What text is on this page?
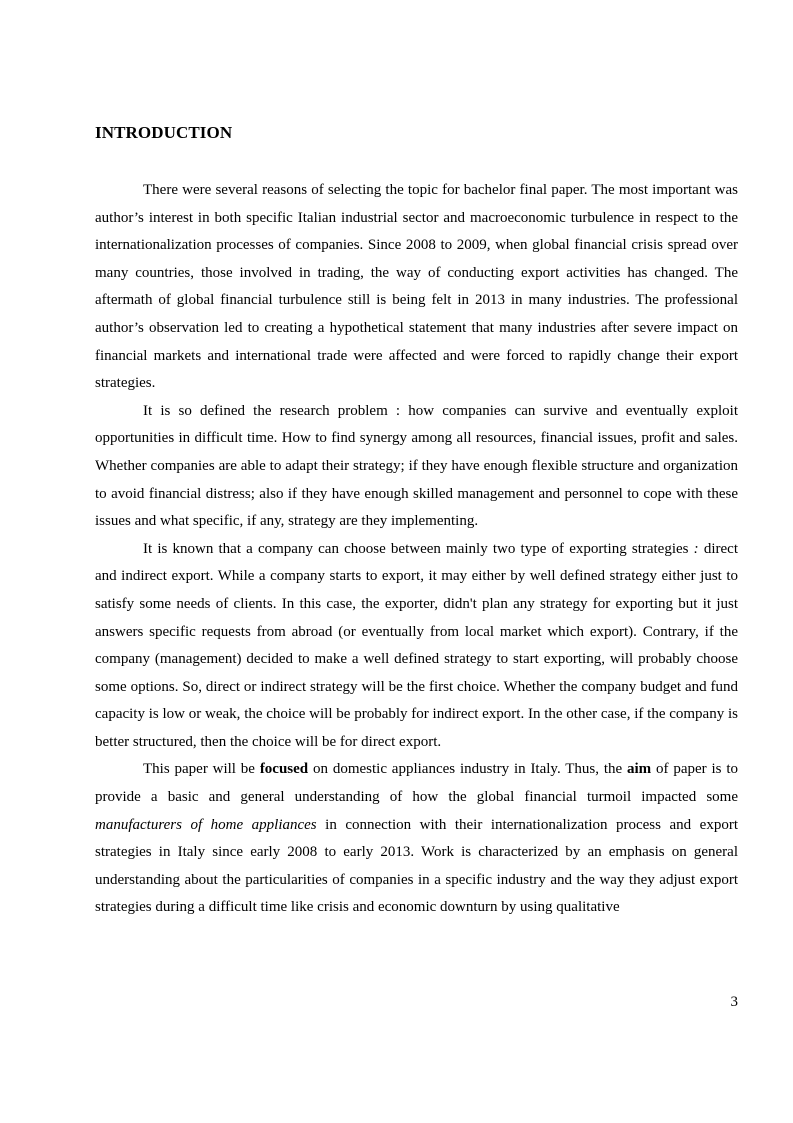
INTRODUCTION

There were several reasons of selecting the topic for bachelor final paper. The most important was author’s interest in both specific Italian industrial sector and macroeconomic turbulence in respect to the internationalization processes of companies. Since 2008 to 2009, when global financial crisis spread over many countries, those involved in trading, the way of conducting export activities has changed. The aftermath of global financial turbulence still is being felt in 2013 in many industries. The professional author’s observation led to creating a hypothetical statement that many industries after severe impact on financial markets and international trade were affected and were forced to rapidly change their export strategies.

It is so defined the research problem : how companies can survive and eventually exploit opportunities in difficult time. How to find synergy among all resources, financial issues, profit and sales. Whether companies are able to adapt their strategy; if they have enough flexible structure and organization to avoid financial distress; also if they have enough skilled management and personnel to cope with these issues and what specific, if any, strategy are they implementing.

It is known that a company can choose between mainly two type of exporting strategies : direct and indirect export. While a company starts to export, it may either by well defined strategy either just to satisfy some needs of clients. In this case, the exporter, didn't plan any strategy for exporting but it just answers specific requests from abroad (or eventually from local market which export). Contrary, if the company (management) decided to make a well defined strategy to start exporting, will probably choose some options. So, direct or indirect strategy will be the first choice. Whether the company budget and fund capacity is low or weak, the choice will be probably for indirect export. In the other case, if the company is better structured, then the choice will be for direct export.

This paper will be focused on domestic appliances industry in Italy. Thus, the aim of paper is to provide a basic and general understanding of how the global financial turmoil impacted some manufacturers of home appliances in connection with their internationalization process and export strategies in Italy since early 2008 to early 2013. Work is characterized by an emphasis on general understanding about the particularities of companies in a specific industry and the way they adjust export strategies during a difficult time like crisis and economic downturn by using qualitative

3
